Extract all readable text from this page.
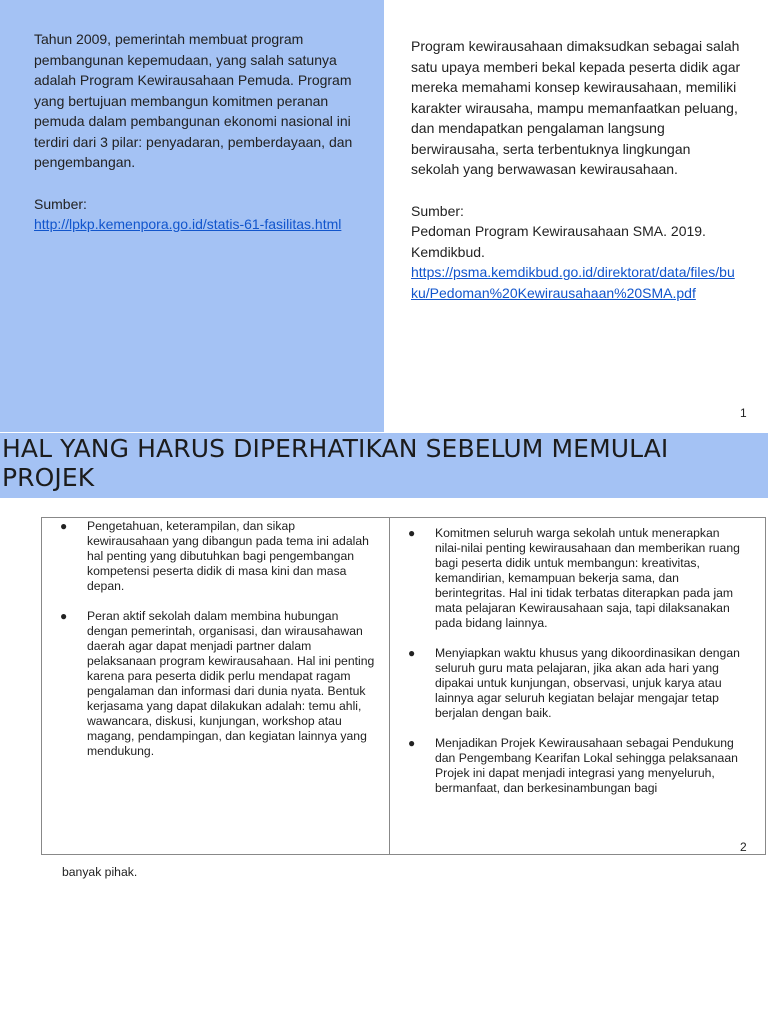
Tahun 2009, pemerintah membuat program pembangunan kepemudaan, yang salah satunya adalah Program Kewirausahaan Pemuda. Program yang bertujuan membangun komitmen peranan pemuda dalam pembangunan ekonomi nasional ini terdiri dari 3 pilar: penyadaran, pemberdayaan, dan pengembangan.

Sumber:

http://lpkp.kemenpora.go.id/statis-61-fasilitas.html

Program kewirausahaan dimaksudkan sebagai salah satu upaya memberi bekal kepada peserta didik agar mereka memahami konsep kewirausahaan, memiliki karakter wirausaha, mampu memanfaatkan peluang, dan mendapatkan pengalaman langsung berwirausaha, serta terbentuknya lingkungan sekolah yang berwawasan kewirausahaan.

Sumber:

Pedoman Program Kewirausahaan SMA. 2019. Kemdikbud.

https://psma.kemdikbud.go.id/direktorat/data/files/buku/Pedoman%20Kewirausahaan%20SMA.pdf

1
HAL YANG HARUS DIPERHATIKAN SEBELUM MEMULAI PROJEK
● Pengetahuan, keterampilan, dan sikap kewirausahaan yang dibangun pada tema ini adalah hal penting yang dibutuhkan bagi pengembangan kompetensi peserta didik di masa kini dan masa depan.
● Peran aktif sekolah dalam membina hubungan dengan pemerintah, organisasi, dan wirausahawan daerah agar dapat menjadi partner dalam pelaksanaan program kewirausahaan. Hal ini penting karena para peserta didik perlu mendapat ragam pengalaman dan informasi dari dunia nyata. Bentuk kerjasama yang dapat dilakukan adalah: temu ahli, wawancara, diskusi, kunjungan, workshop atau magang, pendampingan, dan kegiatan lainnya yang mendukung.
● Komitmen seluruh warga sekolah untuk menerapkan nilai-nilai penting kewirausahaan dan memberikan ruang bagi peserta didik untuk membangun: kreativitas, kemandirian, kemampuan bekerja sama, dan berintegritas. Hal ini tidak terbatas diterapkan pada jam mata pelajaran Kewirausahaan saja, tapi dilaksanakan pada bidang lainnya.
● Menyiapkan waktu khusus yang dikoordinasikan dengan seluruh guru mata pelajaran, jika akan ada hari yang dipakai untuk kunjungan, observasi, unjuk karya atau lainnya agar seluruh kegiatan belajar mengajar tetap berjalan dengan baik.
● Menjadikan Projek Kewirausahaan sebagai Pendukung dan Pengembang Kearifan Lokal sehingga pelaksanaan Projek ini dapat menjadi integrasi yang menyeluruh, bermanfaat, dan berkesinambungan bagi
2
banyak pihak.
